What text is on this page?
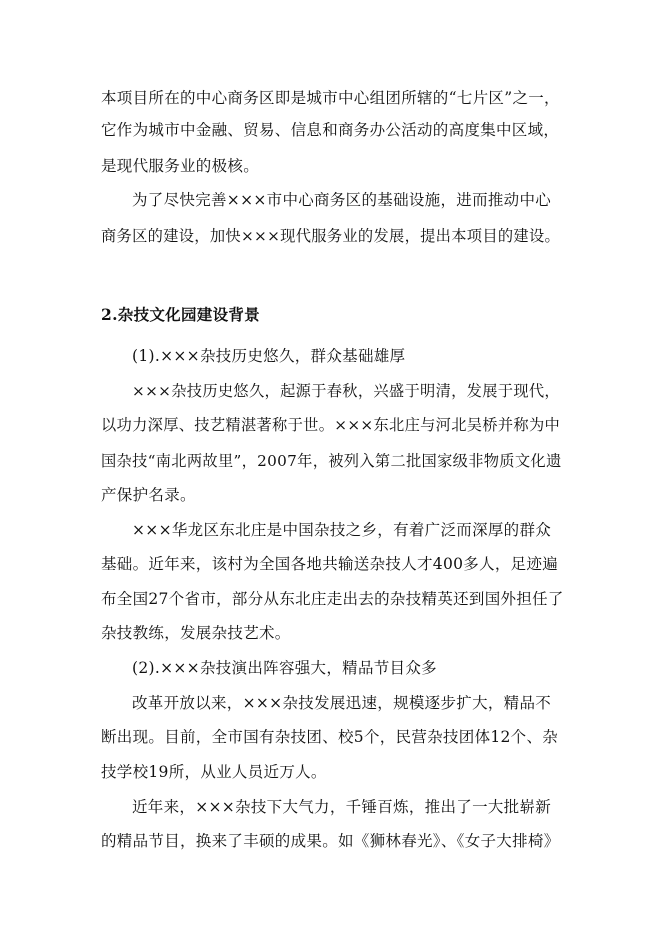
本项目所在的中心商务区即是城市中心组团所辖的“七片区”之一，
它作为城市中金融、贸易、信息和商务办公活动的高度集中区域，
是现代服务业的极核。
为了尽快完善×××市中心商务区的基础设施，进而推动中心
商务区的建设，加快×××现代服务业的发展，提出本项目的建设。
2.杂技文化园建设背景
(1).×××杂技历史悠久，群众基础雄厚
×××杂技历史悠久，起源于春秋，兴盛于明清，发展于现代，
以功力深厚、技艺精湛著称于世。×××东北庄与河北吴桥并称为中
国杂技“南北两故里”，2007年，被列入第二批国家级非物质文化遗
产保护名录。
×××华龙区东北庄是中国杂技之乡，有着广泛而深厚的群众
基础。近年来，该村为全国各地共输送杂技人才400多人，足迹遍
布全国27个省市，部分从东北庄走出去的杂技精英还到国外担任了
杂技教练，发展杂技艺术。
(2).×××杂技演出阵容强大，精品节目众多
改革开放以来，×××杂技发展迅速，规模逐步扩大，精品不
断出现。目前，全市国有杂技团、校5个，民营杂技团体12个、杂
技学校19所，从业人员近万人。
近年来，×××杂技下大气力，千锤百炼，推出了一大批崭新
的精品节目，换来了丰硕的成果。如《狮林春光》、《女子大排椅》
